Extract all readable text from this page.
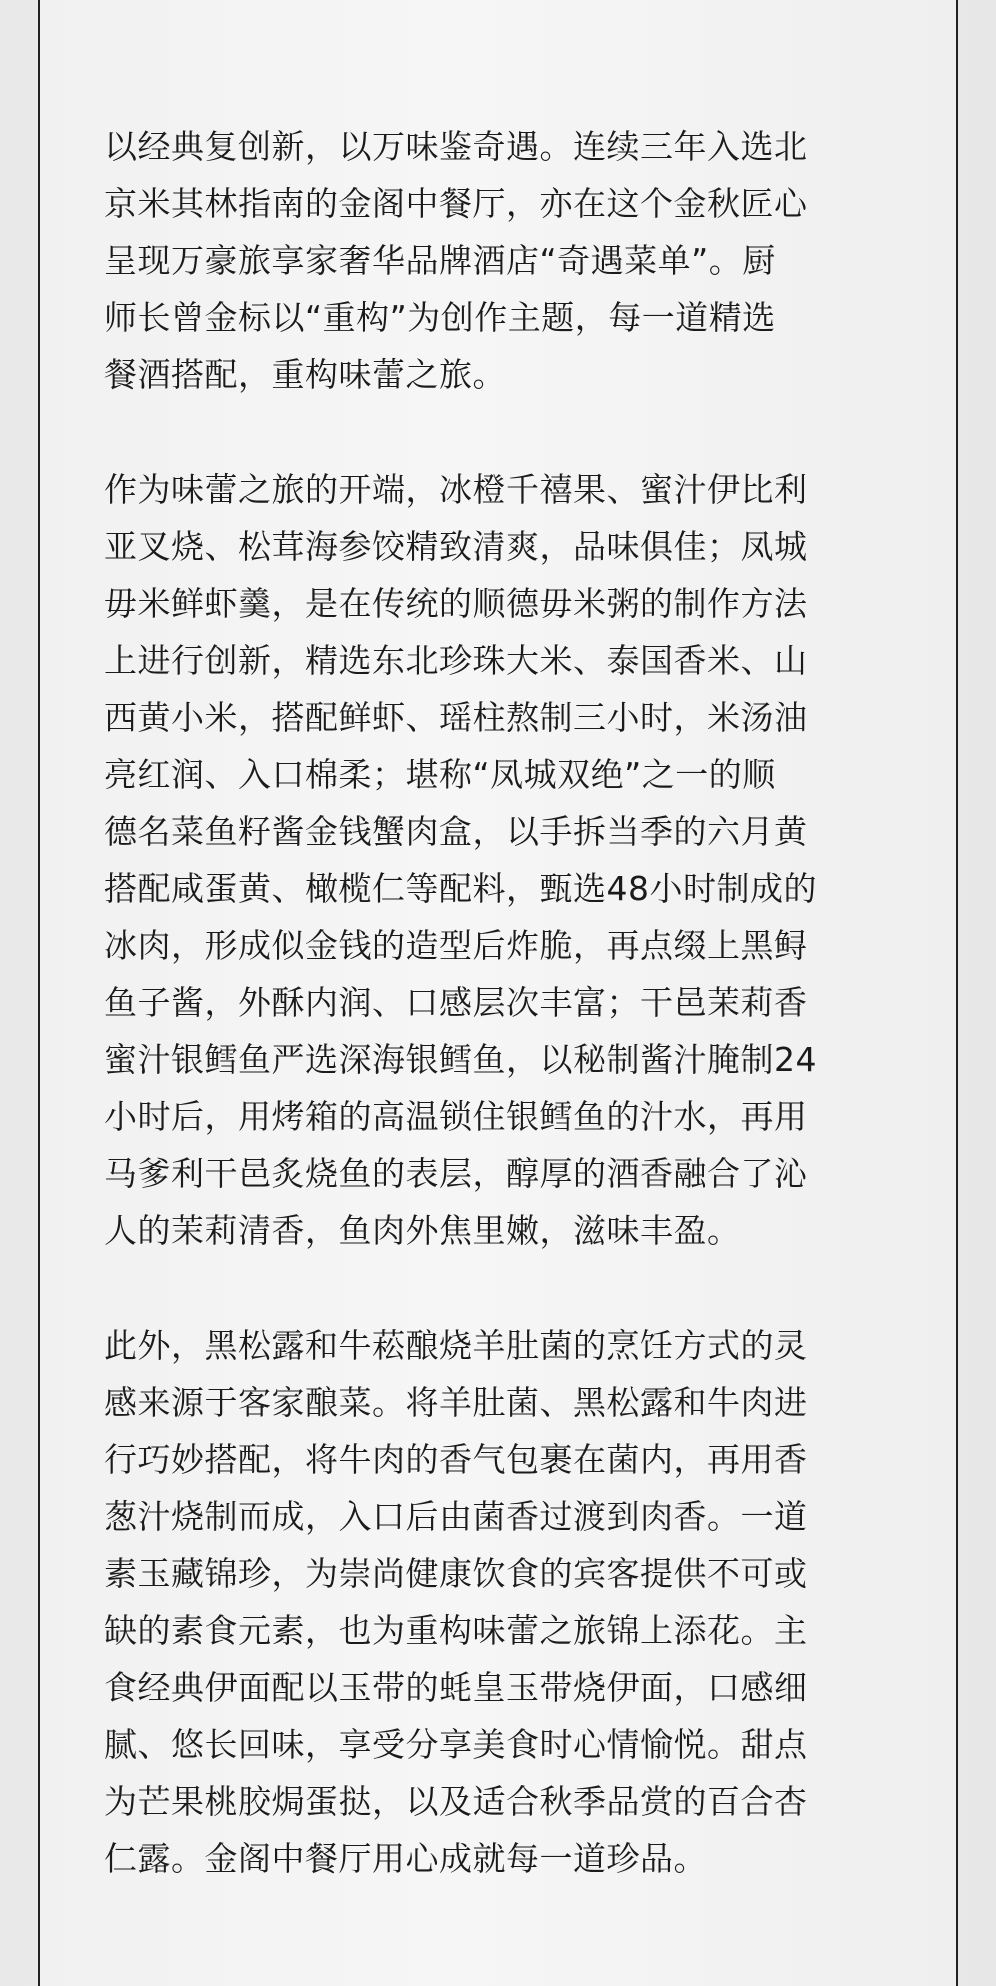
以经典复创新，以万味鉴奇遇。连续三年入选北
京米其林指南的金阁中餐厅，亦在这个金秋匠心
呈现万豪旅享家奢华品牌酒店“奇遇菜单”。厨
师长曾金标以“重构”为创作主题，每一道精选
餐酒搭配，重构味蕾之旅。
作为味蕾之旅的开端，冰橙千禧果、蜜汁伊比利
亚叉烧、松茸海参饺精致清爽，品味俱佳；凤城
毋米鲜虾羹，是在传统的顺德毋米粥的制作方法
上进行创新，精选东北珍珠大米、泰国香米、山
西黄小米，搭配鲜虾、瑶柱熬制三小时，米汤油
亮红润、入口棉柔；堪称“凤城双绝”之一的顺
德名菜鱼籽酱金钱蟹肉盒，以手拆当季的六月黄
搭配咸蛋黄、橄榄仁等配料，甄选48小时制成的
冰肉，形成似金钱的造型后炸脆，再点缀上黑鲟
鱼子酱，外酥内润、口感层次丰富；干邑茉莉香
蜜汁银鳕鱼严选深海银鳕鱼，以秘制酱汁腌制24
小时后，用烤箱的高温锁住银鳕鱼的汁水，再用
马爹利干邑炙烧鱼的表层，醇厚的酒香融合了沁
人的茉莉清香，鱼肉外焦里嫩，滋味丰盈。
此外，黑松露和牛菘酿烧羊肚菌的烹饪方式的灵
感来源于客家酿菜。将羊肚菌、黑松露和牛肉进
行巧妙搭配，将牛肉的香气包裹在菌内，再用香
葱汁烧制而成，入口后由菌香过渡到肉香。一道
素玉藏锦珍，为崇尚健康饮食的宾客提供不可或
缺的素食元素，也为重构味蕾之旅锦上添花。主
食经典伊面配以玉带的蚝皇玉带烧伊面，口感细
腻、悠长回味，享受分享美食时心情愉悦。甜点
为芒果桃胶焗蛋挞，以及适合秋季品赏的百合杏
仁露。金阁中餐厅用心成就每一道珍品。
